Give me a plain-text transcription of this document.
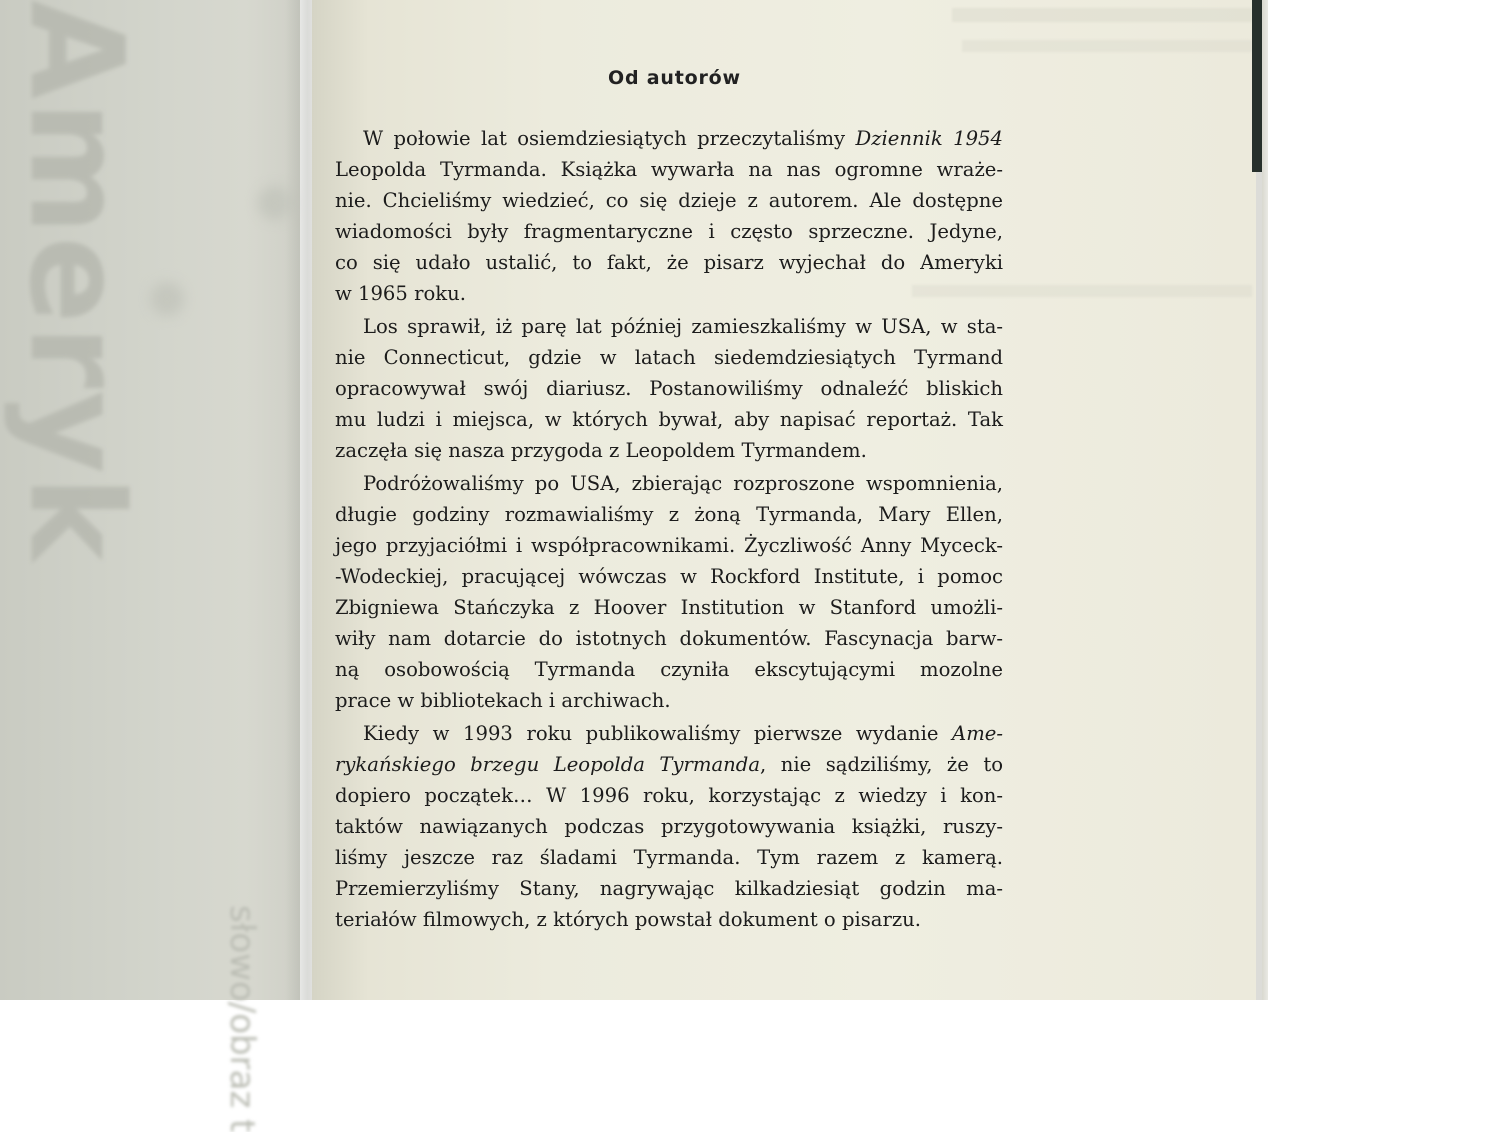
Ameryk
słowo/obraz t
Od autorów
W połowie lat osiemdziesiątych przeczytaliśmy Dziennik 1954
Leopolda Tyrmanda. Książka wywarła na nas ogromne wraże-
nie. Chcieliśmy wiedzieć, co się dzieje z autorem. Ale dostępne
wiadomości były fragmentaryczne i często sprzeczne. Jedyne,
co się udało ustalić, to fakt, że pisarz wyjechał do Ameryki
w 1965 roku.
Los sprawił, iż parę lat później zamieszkaliśmy w USA, w sta-
nie Connecticut, gdzie w latach siedemdziesiątych Tyrmand
opracowywał swój diariusz. Postanowiliśmy odnaleźć bliskich
mu ludzi i miejsca, w których bywał, aby napisać reportaż. Tak
zaczęła się nasza przygoda z Leopoldem Tyrmandem.
Podróżowaliśmy po USA, zbierając rozproszone wspomnienia,
długie godziny rozmawialiśmy z żoną Tyrmanda, Mary Ellen,
jego przyjaciółmi i współpracownikami. Życzliwość Anny Myceck-
-Wodeckiej, pracującej wówczas w Rockford Institute, i pomoc
Zbigniewa Stańczyka z Hoover Institution w Stanford umożli-
wiły nam dotarcie do istotnych dokumentów. Fascynacja barw-
ną osobowością Tyrmanda czyniła ekscytującymi mozolne
prace w bibliotekach i archiwach.
Kiedy w 1993 roku publikowaliśmy pierwsze wydanie Ame-
rykańskiego brzegu Leopolda Tyrmanda, nie sądziliśmy, że to
dopiero początek… W 1996 roku, korzystając z wiedzy i kon-
taktów nawiązanych podczas przygotowywania książki, ruszy-
liśmy jeszcze raz śladami Tyrmanda. Tym razem z kamerą.
Przemierzyliśmy Stany, nagrywając kilkadziesiąt godzin ma-
teriałów filmowych, z których powstał dokument o pisarzu.
